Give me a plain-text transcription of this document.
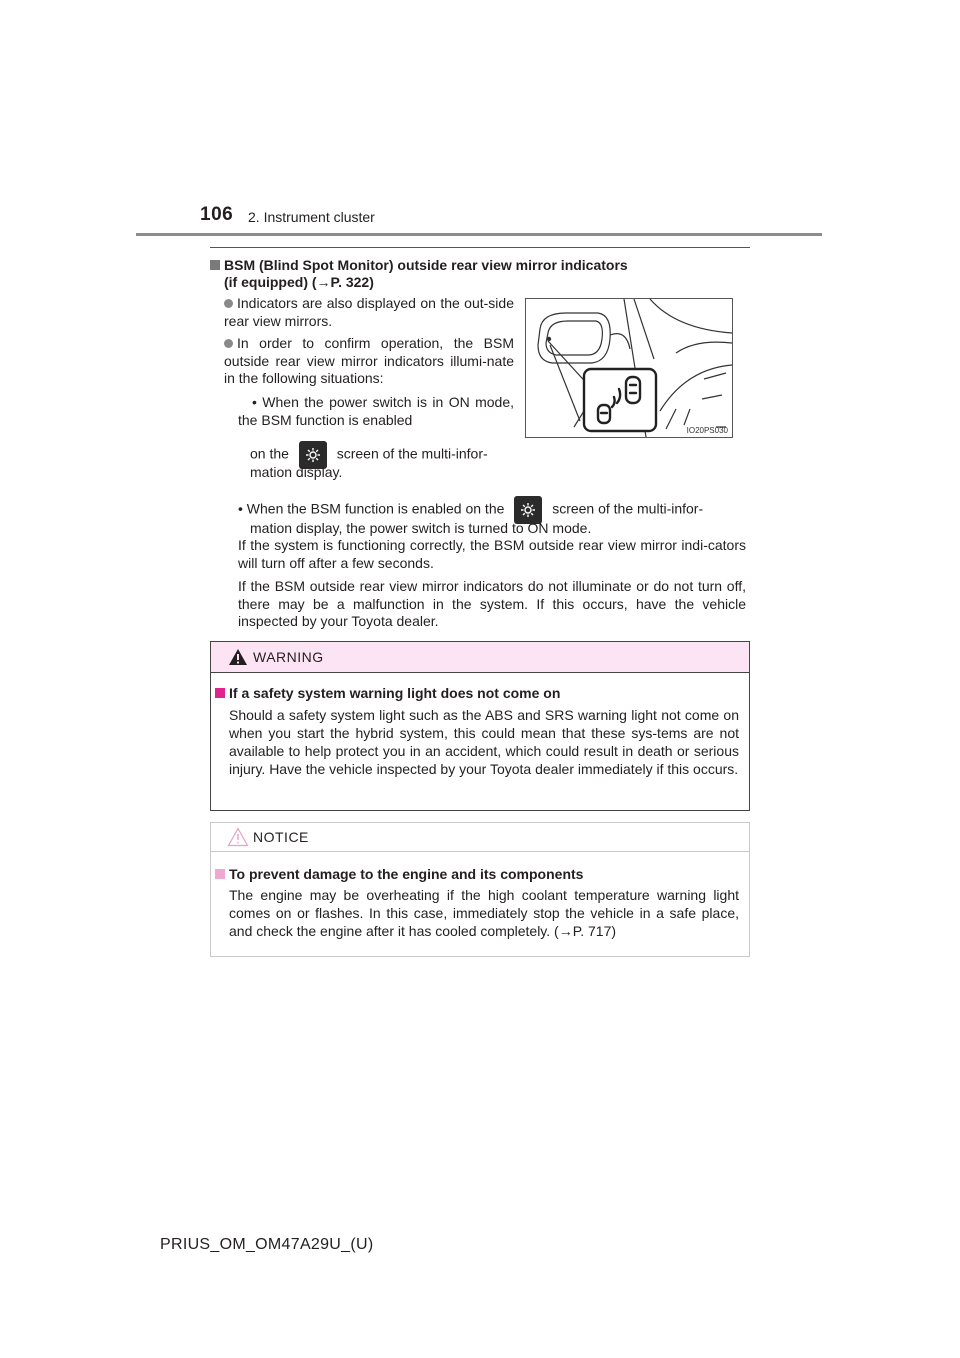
106 2. Instrument cluster
BSM (Blind Spot Monitor) outside rear view mirror indicators
(if equipped) (→P. 322)
Indicators are also displayed on the out-side rear view mirrors.
In order to confirm operation, the BSM outside rear view mirror indicators illumi-nate in the following situations:
• When the power switch is in ON mode, the BSM function is enabled
on the	screen of the multi-infor-
mation display.
• When the BSM function is enabled on the	screen of the multi-infor-
mation display, the power switch is turned to ON mode.
If the system is functioning correctly, the BSM outside rear view mirror indi-cators will turn off after a few seconds.
If the BSM outside rear view mirror indicators do not illuminate or do not turn off, there may be a malfunction in the system. If this occurs, have the vehicle inspected by your Toyota dealer.
IO20PS030
WARNING
If a safety system warning light does not come on
Should a safety system light such as the ABS and SRS warning light not come on when you start the hybrid system, this could mean that these sys-tems are not available to help protect you in an accident, which could result in death or serious injury. Have the vehicle inspected by your Toyota dealer immediately if this occurs.
NOTICE
To prevent damage to the engine and its components
The engine may be overheating if the high coolant temperature warning light comes on or flashes. In this case, immediately stop the vehicle in a safe place, and check the engine after it has cooled completely. (→P. 717)
PRIUS_OM_OM47A29U_(U)
